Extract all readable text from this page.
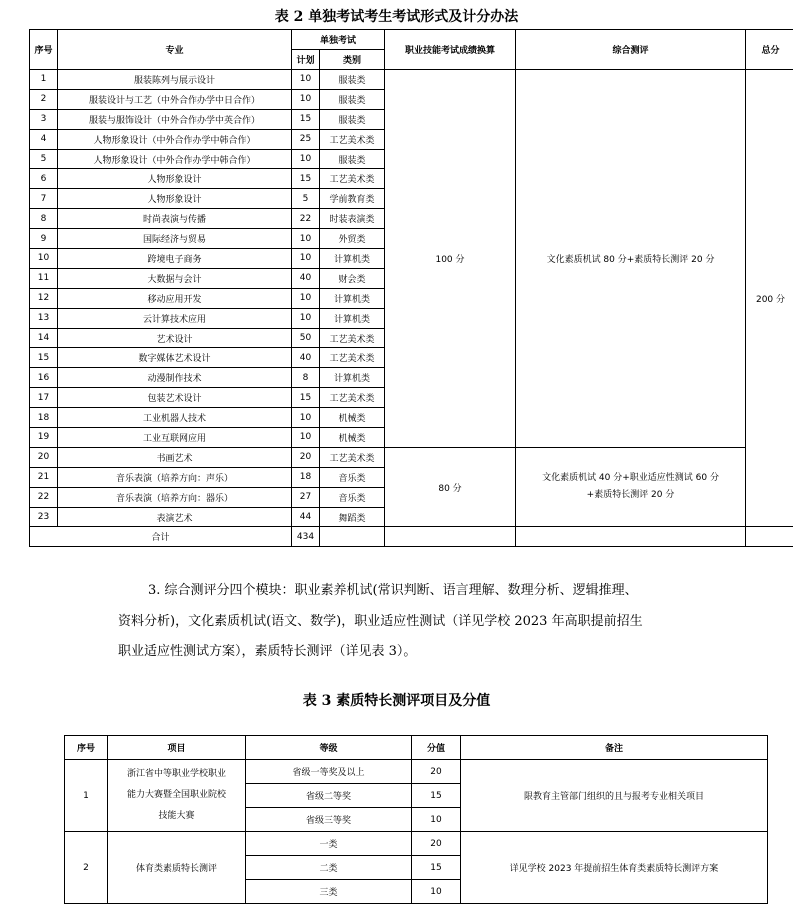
表 2 单独考试考生考试形式及计分办法
序号	专业	单独考试		职业技能考试成绩换算	综合测评	总分
		计划	类别			
1	服装陈列与展示设计	10	服装类	100 分	文化素质机试 80 分+素质特长测评 20 分	200 分
2	服装设计与工艺（中外合作办学中日合作）	10	服装类			
3	服装与服饰设计（中外合作办学中英合作）	15	服装类			
4	人物形象设计（中外合作办学中韩合作）	25	工艺美术类			
5	人物形象设计（中外合作办学中韩合作）	10	服装类			
6	人物形象设计	15	工艺美术类			
7	人物形象设计	5	学前教育类			
8	时尚表演与传播	22	时装表演类			
9	国际经济与贸易	10	外贸类			
10	跨境电子商务	10	计算机类			
11	大数据与会计	40	财会类			
12	移动应用开发	10	计算机类			
13	云计算技术应用	10	计算机类			
14	艺术设计	50	工艺美术类			
15	数字媒体艺术设计	40	工艺美术类			
16	动漫制作技术	8	计算机类			
17	包装艺术设计	15	工艺美术类			
18	工业机器人技术	10	机械类			
19	工业互联网应用	10	机械类			
20	书画艺术	20	工艺美术类	80 分	文化素质机试 40 分+职业适应性测试 60 分
+素质特长测评 20 分	

21	音乐表演（培养方向：声乐）	18	音乐类			
22	音乐表演（培养方向：器乐）	27	音乐类			
23	表演艺术	44	舞蹈类			
合计		434				
3. 综合测评分四个模块：职业素养机试(常识判断、语言理解、数理分析、逻辑推理、
资料分析)，文化素质机试(语文、数学)，职业适应性测试（详见学校 2023 年高职提前招生
职业适应性测试方案），素质特长测评（详见表 3）。
表 3 素质特长测评项目及分值
序号	项目	等级	分值	备注
1	浙江省中等职业学校职业
能力大赛暨全国职业院校
技能大赛	省级一等奖及以上	20	限教育主管部门组织的且与报考专业相关项目
		省级二等奖	15	
		省级三等奖	10	
2	体育类素质特长测评	一类	20	详见学校 2023 年提前招生体育类素质特长测评方案
		二类	15	
		三类	10	
